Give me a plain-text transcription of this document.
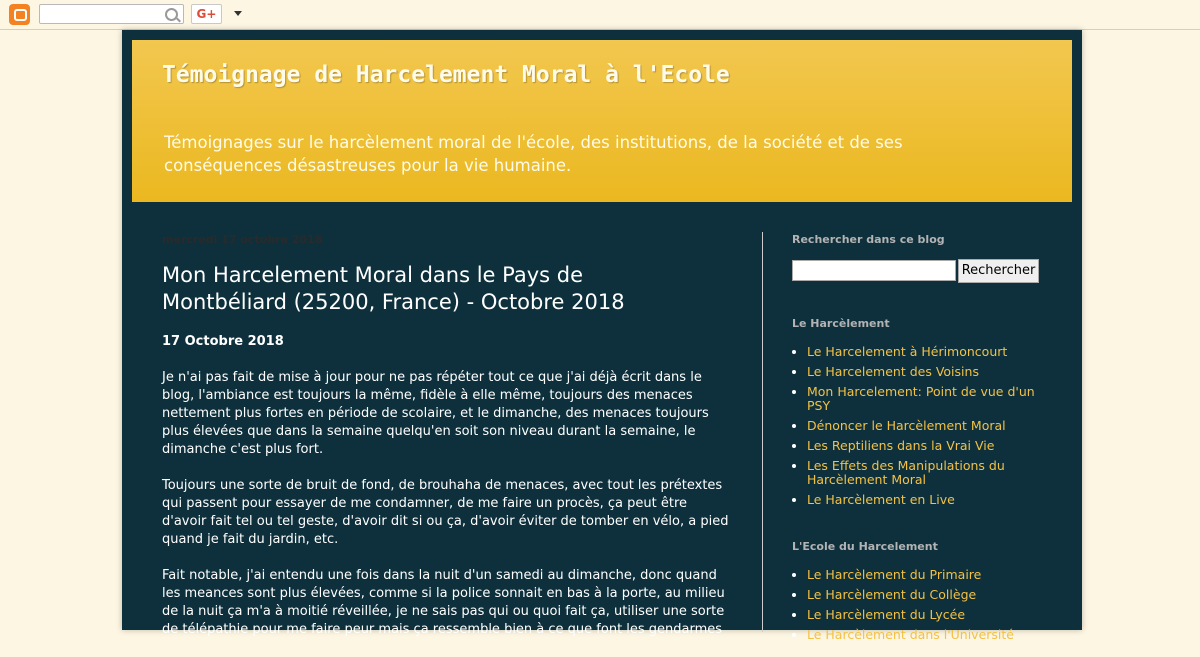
G+
Témoignage de Harcelement Moral à l'Ecole

Témoignages sur le harcèlement moral de l'école, des institutions, de la société et de ses conséquences désastreuses pour la vie humaine.

mercredi 17 octobre 2018
Mon Harcelement Moral dans le Pays de Montbéliard (25200, France) - Octobre 2018

17 Octobre 2018

Je n'ai pas fait de mise à jour pour ne pas répéter tout ce que j'ai déjà écrit dans le blog, l'ambiance est toujours la même, fidèle à elle même, toujours des menaces nettement plus fortes en période de scolaire, et le dimanche, des menaces toujours plus élevées que dans la semaine quelqu'en soit son niveau durant la semaine, le dimanche c'est plus fort.

Toujours une sorte de bruit de fond, de brouhaha de menaces, avec tout les prétextes qui passent pour essayer de me condamner, de me faire un procès, ça peut être d'avoir fait tel ou tel geste, d'avoir dit si ou ça, d'avoir éviter de tomber en vélo, a pied quand je fait du jardin, etc.

Fait notable, j'ai entendu une fois dans la nuit d'un samedi au dimanche, donc quand les meances sont plus élevées, comme si la police sonnait en bas à la porte, au milieu de la nuit ça m'a à moitié réveillée, je ne sais pas qui ou quoi fait ça, utiliser une sorte de télépathie pour me faire peur mais ça ressemble bien à ce que font les gendarmes

Rechercher dans ce blog
Rechercher
Le Harcèlement
• Le Harcelement à Hérimoncourt
• Le Harcelement des Voisins
• Mon Harcelement: Point de vue d'un PSY
• Dénoncer le Harcèlement Moral
• Les Reptiliens dans la Vrai Vie
• Les Effets des Manipulations du Harcèlement Moral
• Le Harcèlement en Live
L'Ecole du Harcelement
• Le Harcèlement du Primaire
• Le Harcèlement du Collège
• Le Harcèlement du Lycée
• Le Harcèlement dans l'Université
